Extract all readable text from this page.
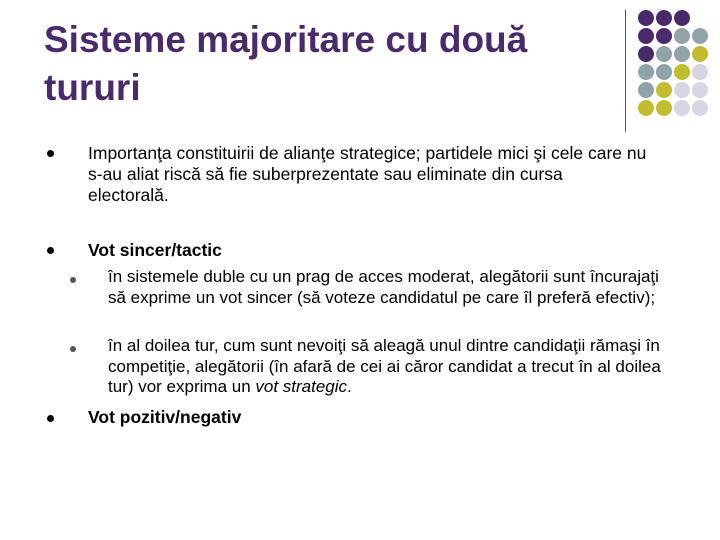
Sisteme majoritare cu două tururi
Importanţa constituirii de alianţe strategice; partidele mici şi cele care nu s-au aliat riscă să fie suberprezentate sau eliminate din cursa electorală.
Vot sincer/tactic
în sistemele duble cu un prag de acces moderat, alegătorii sunt încurajaţi să exprime un vot sincer (să voteze candidatul pe care îl preferă efectiv);
în al doilea tur, cum sunt nevoiţi să aleagă unul dintre candidaţii rămaşi în competiţie, alegătorii (în afară de cei ai căror candidat a trecut în al doilea tur) vor exprima un vot strategic.
Vot pozitiv/negativ
